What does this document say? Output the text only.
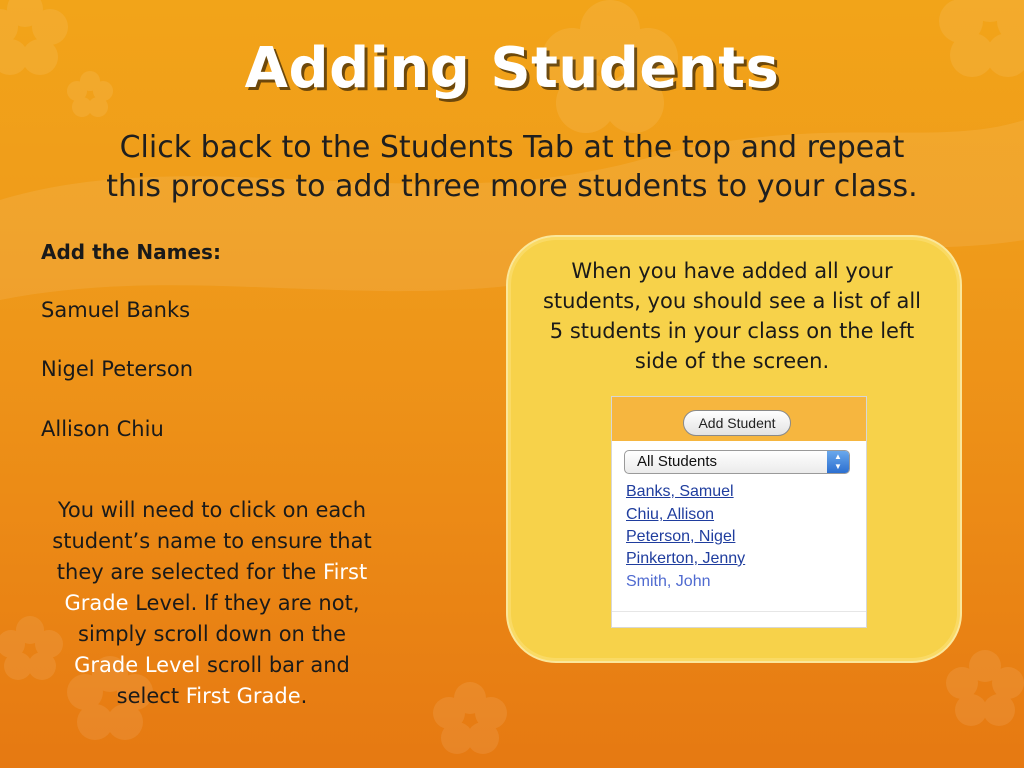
Adding Students
Click back to the Students Tab at the top and repeat
this process to add three more students to your class.
Add the Names:
Samuel Banks
Nigel Peterson
Allison Chiu
When you have added all your
students, you should see a list of all
5 students in your class on the left
side of the screen.
Add Student
All Students	▲
▼
Banks, Samuel
Chiu, Allison
Peterson, Nigel
Pinkerton, Jenny
Smith, John
You will need to click on each
student’s name to ensure that
they are selected for the First
Grade Level. If they are not,
simply scroll down on the
Grade Level scroll bar and
select First Grade.
